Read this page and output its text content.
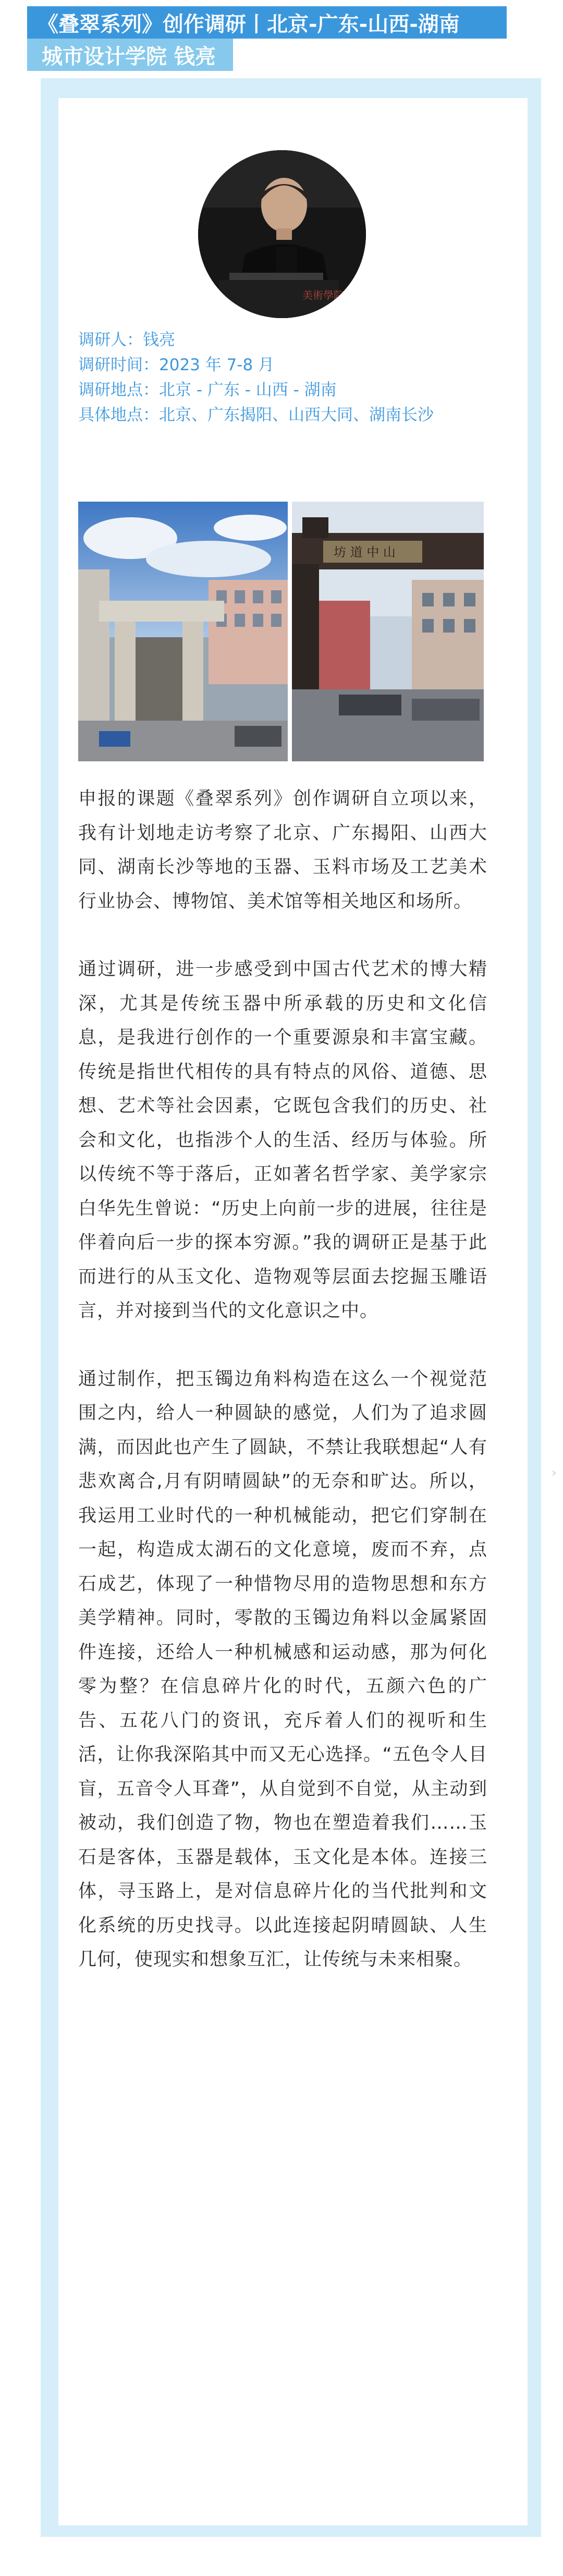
《叠翠系列》创作调研丨北京-广东-山西-湖南
城市设计学院 钱亮
美術學院
调研人：钱亮
调研时间：2023 年 7-8 月
调研地点：北京 - 广东 - 山西 - 湖南
具体地点：北京、广东揭阳、山西大同、湖南长沙
坊 道 中 山

申报的课题《叠翠系列》创作调研自立项以来，我有计划地走访考察了北京、广东揭阳、山西大同、湖南长沙等地的玉器、玉料市场及工艺美术行业协会、博物馆、美术馆等相关地区和场所。

通过调研，进一步感受到中国古代艺术的博大精深，尤其是传统玉器中所承载的历史和文化信息，是我进行创作的一个重要源泉和丰富宝藏。传统是指世代相传的具有特点的风俗、道德、思想、艺术等社会因素，它既包含我们的历史、社会和文化，也指涉个人的生活、经历与体验。所以传统不等于落后，正如著名哲学家、美学家宗白华先生曾说：“历史上向前一步的进展，往往是伴着向后一步的探本穷源。”我的调研正是基于此而进行的从玉文化、造物观等层面去挖掘玉雕语言，并对接到当代的文化意识之中。

通过制作，把玉镯边角料构造在这么一个视觉范围之内，给人一种圆缺的感觉，人们为了追求圆满，而因此也产生了圆缺，不禁让我联想起“人有悲欢离合,月有阴晴圆缺”的无奈和旷达。所以，我运用工业时代的一种机械能动，把它们穿制在一起，构造成太湖石的文化意境，废而不弃，点石成艺，体现了一种惜物尽用的造物思想和东方美学精神。同时，零散的玉镯边角料以金属紧固件连接，还给人一种机械感和运动感，那为何化零为整？在信息碎片化的时代，五颜六色的广告、五花八门的资讯，充斥着人们的视听和生活，让你我深陷其中而又无心选择。“五色令人目盲，五音令人耳聋”，从自觉到不自觉，从主动到被动，我们创造了物，物也在塑造着我们……玉石是客体，玉器是载体，玉文化是本体。连接三体，寻玉路上，是对信息碎片化的当代批判和文化系统的历史找寻。以此连接起阴晴圆缺、人生几何，使现实和想象互汇，让传统与未来相聚。

›
